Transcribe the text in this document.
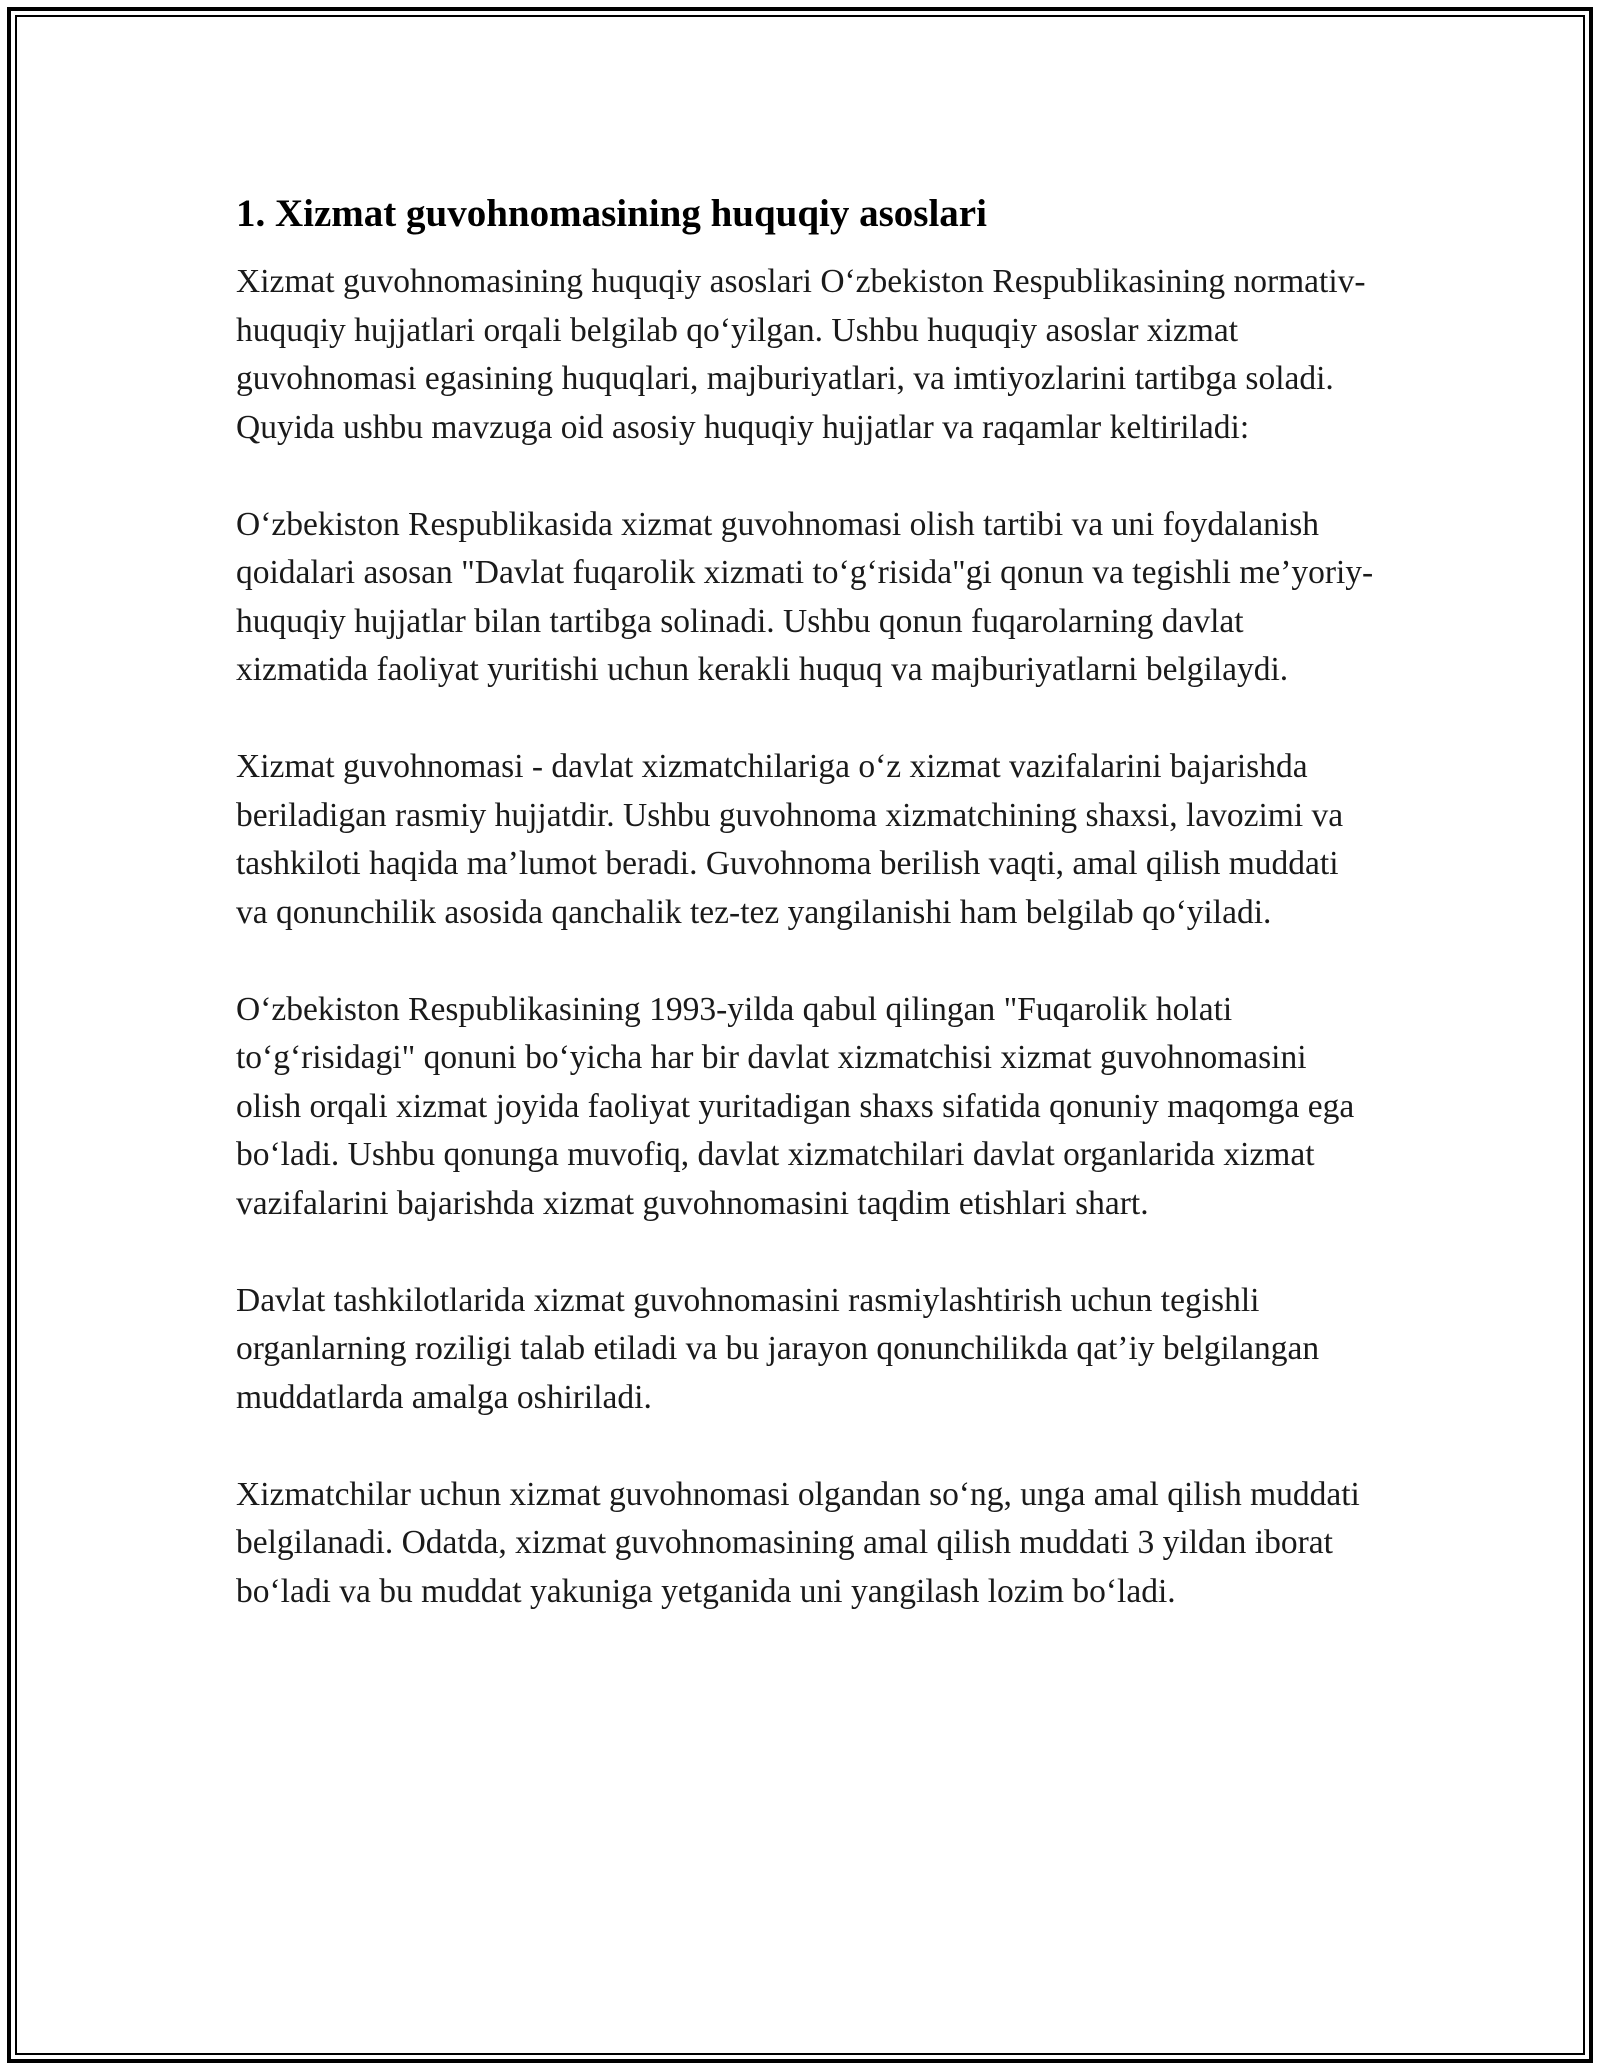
1. Xizmat guvohnomasining huquqiy asoslari

Xizmat guvohnomasining huquqiy asoslari O‘zbekiston Respublikasining normativ-huquqiy hujjatlari orqali belgilab qo‘yilgan. Ushbu huquqiy asoslar xizmat guvohnomasi egasining huquqlari, majburiyatlari, va imtiyozlarini tartibga soladi. Quyida ushbu mavzuga oid asosiy huquqiy hujjatlar va raqamlar keltiriladi:

O‘zbekiston Respublikasida xizmat guvohnomasi olish tartibi va uni foydalanish qoidalari asosan "Davlat fuqarolik xizmati to‘g‘risida"gi qonun va tegishli me’yoriy-huquqiy hujjatlar bilan tartibga solinadi. Ushbu qonun fuqarolarning davlat xizmatida faoliyat yuritishi uchun kerakli huquq va majburiyatlarni belgilaydi.

Xizmat guvohnomasi - davlat xizmatchilariga o‘z xizmat vazifalarini bajarishda beriladigan rasmiy hujjatdir. Ushbu guvohnoma xizmatchining shaxsi, lavozimi va tashkiloti haqida ma’lumot beradi. Guvohnoma berilish vaqti, amal qilish muddati va qonunchilik asosida qanchalik tez-tez yangilanishi ham belgilab qo‘yiladi.

O‘zbekiston Respublikasining 1993-yilda qabul qilingan "Fuqarolik holati to‘g‘risidagi" qonuni bo‘yicha har bir davlat xizmatchisi xizmat guvohnomasini olish orqali xizmat joyida faoliyat yuritadigan shaxs sifatida qonuniy maqomga ega bo‘ladi. Ushbu qonunga muvofiq, davlat xizmatchilari davlat organlarida xizmat vazifalarini bajarishda xizmat guvohnomasini taqdim etishlari shart.

Davlat tashkilotlarida xizmat guvohnomasini rasmiylashtirish uchun tegishli organlarning roziligi talab etiladi va bu jarayon qonunchilikda qat’iy belgilangan muddatlarda amalga oshiriladi.

Xizmatchilar uchun xizmat guvohnomasi olgandan so‘ng, unga amal qilish muddati belgilanadi. Odatda, xizmat guvohnomasining amal qilish muddati 3 yildan iborat bo‘ladi va bu muddat yakuniga yetganida uni yangilash lozim bo‘ladi.
